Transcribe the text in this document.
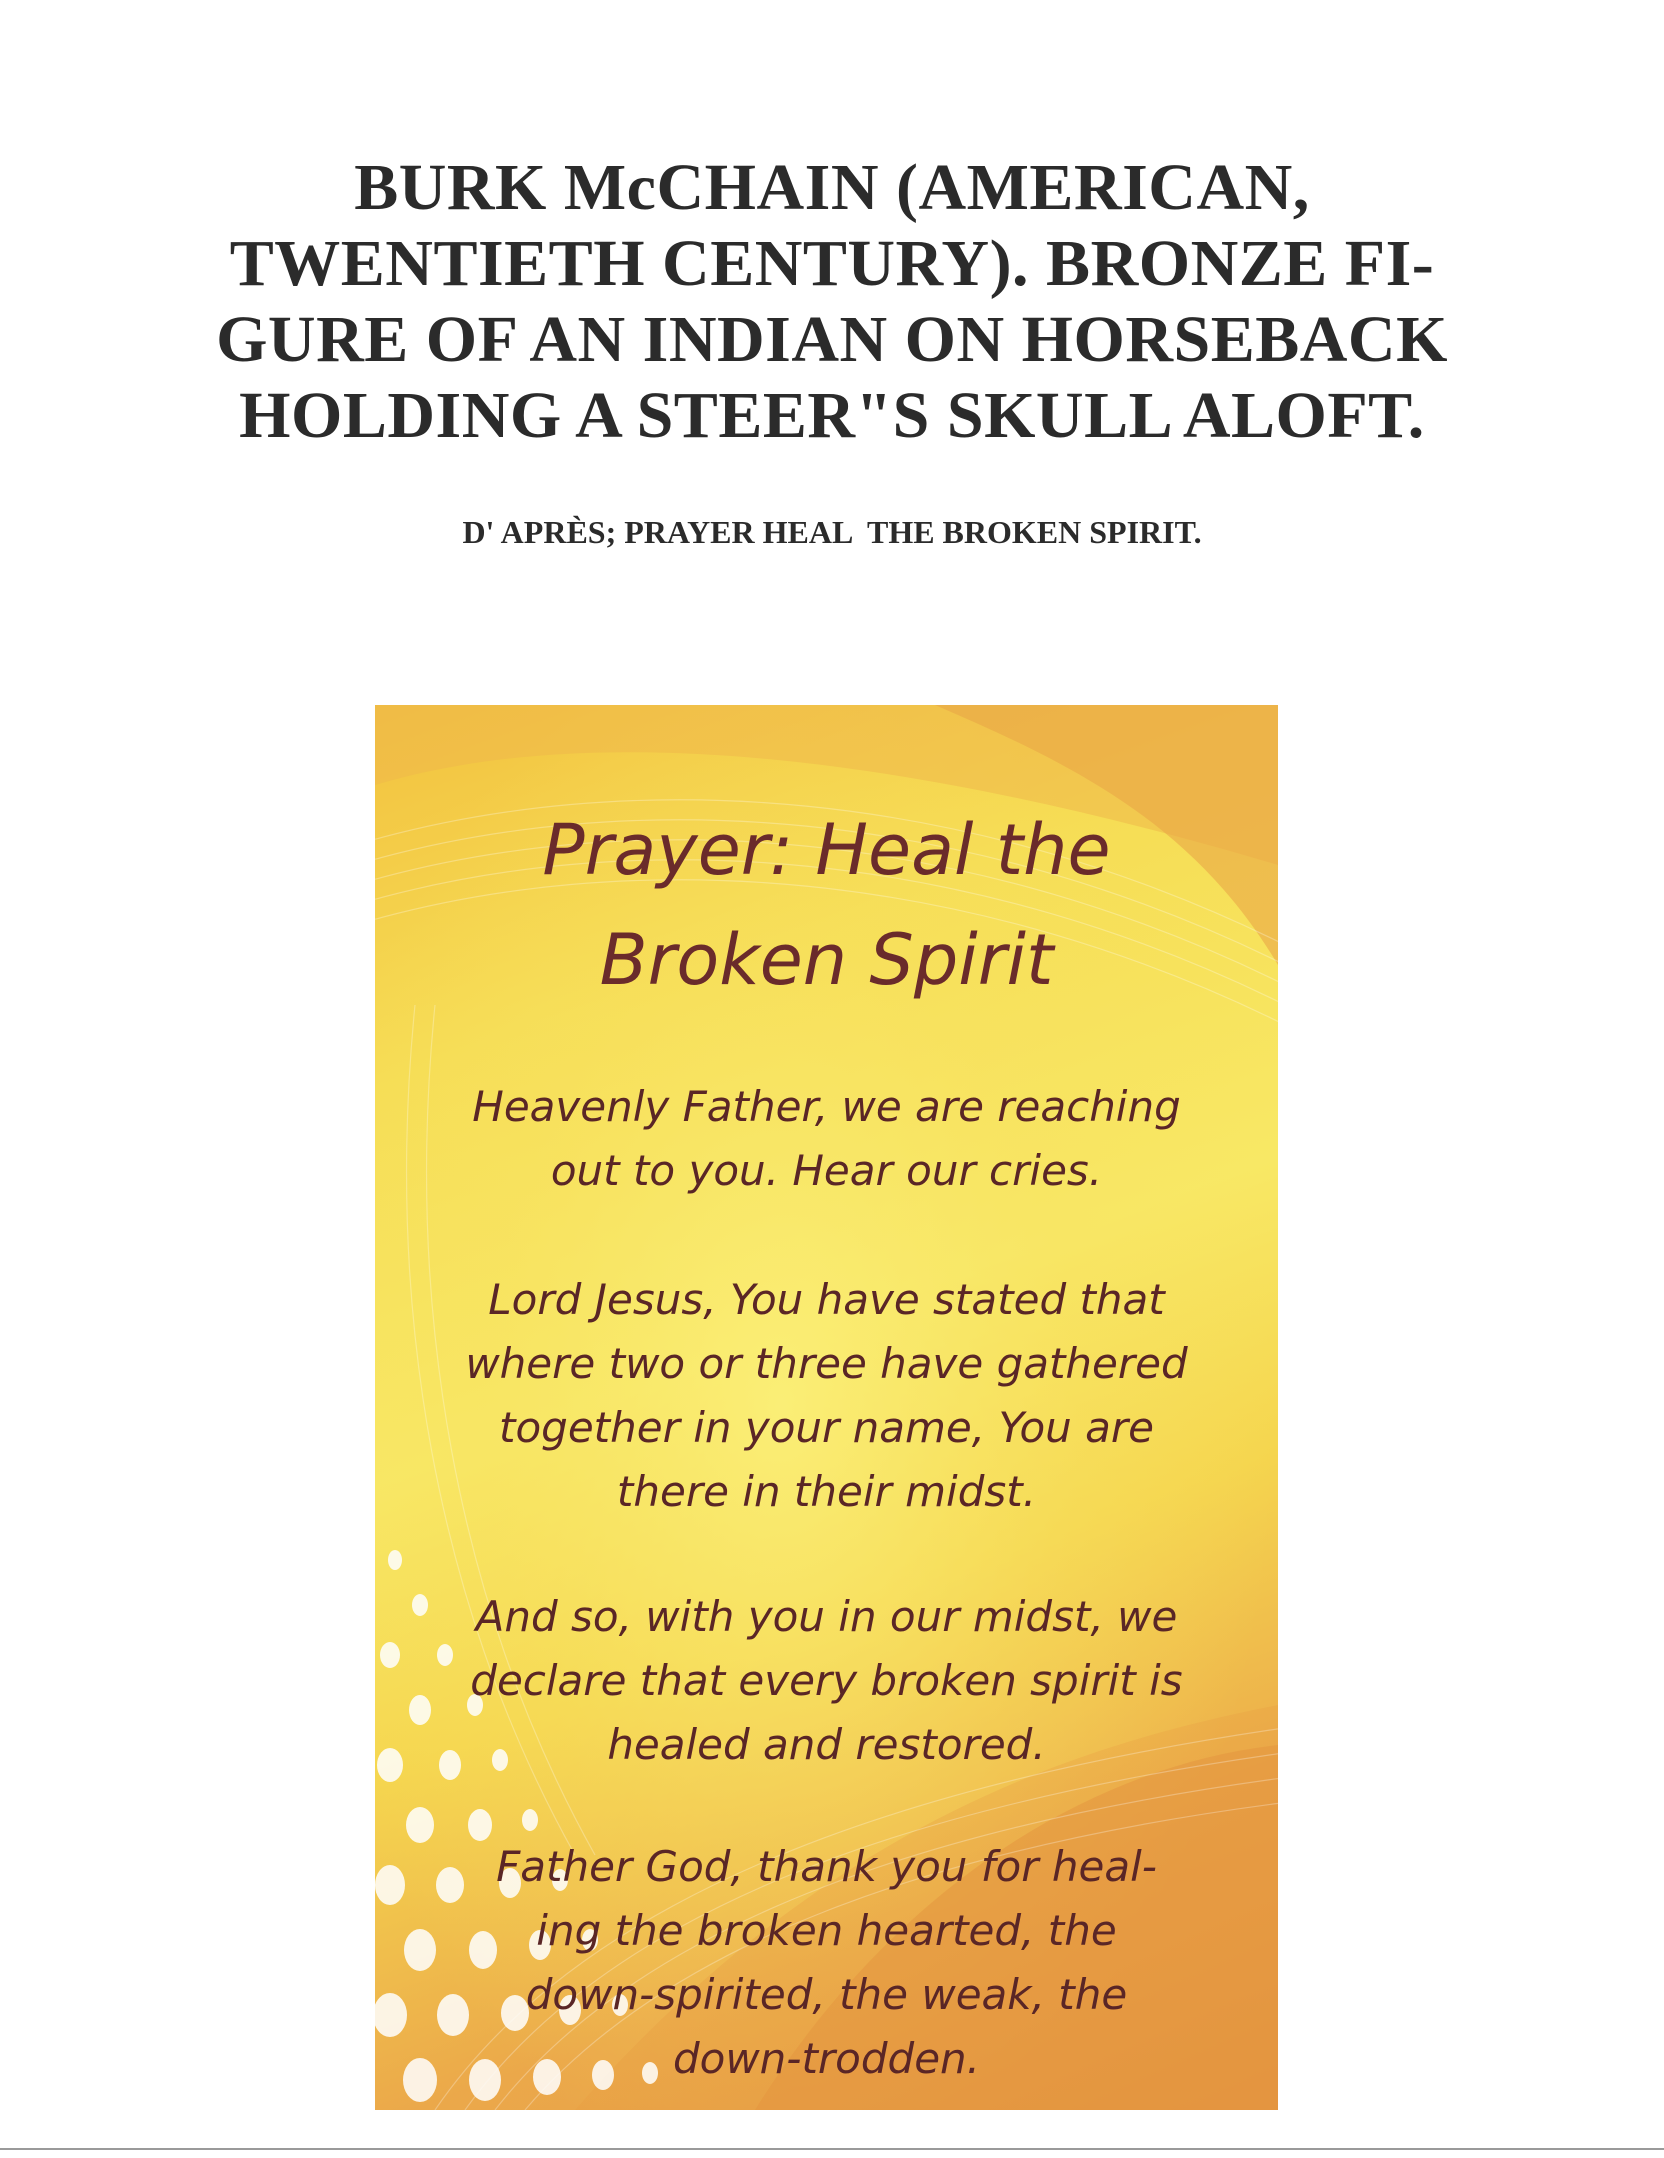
BURK McCHAIN (AMERICAN,
TWENTIETH CENTURY). BRONZE FI-
GURE OF AN INDIAN ON HORSEBACK
HOLDING A STEER"S SKULL ALOFT.
D' APRÈS; PRAYER HEAL  THE BROKEN SPIRIT.
Prayer: Heal the
Broken Spirit
Heavenly Father, we are reaching
out to you. Hear our cries.
Lord Jesus, You have stated that
where two or three have gathered
together in your name, You are
there in their midst.
And so, with you in our midst, we
declare that every broken spirit is
healed and restored.
Father God, thank you for heal-
ing the broken hearted, the
down-spirited, the weak, the
down-trodden.
